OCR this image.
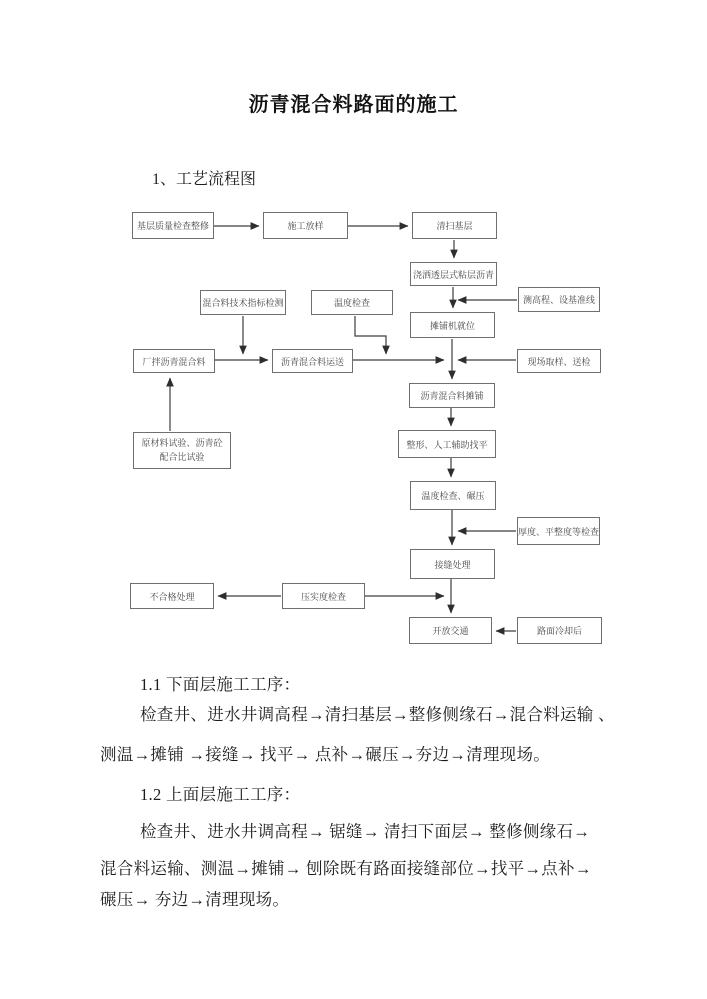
沥青混合料路面的施工
1、工艺流程图
基层质量检查整修	施工放样	清扫基层
浇洒透层式粘层沥青
混合料技术指标检测	温度检查	测高程、设基准线
摊铺机就位
厂拌沥青混合料	沥青混合料运送	现场取样、送检
沥青混合料摊铺
原材料试验、沥青砼
配合比试验
整形、人工辅助找平
温度检查、碾压
厚度、平整度等检查
接缝处理
不合格处理	压实度检查
开放交通	路面冷却后
1.1 下面层施工工序：
检查井、进水井调高程→清扫基层→整修侧缘石→混合料运输 、
测温→摊铺 →接缝→ 找平→ 点补→碾压→夯边→清理现场。
1.2 上面层施工工序：
检查井、进水井调高程→ 锯缝→ 清扫下面层→ 整修侧缘石→
混合料运输、测温→摊铺→ 刨除既有路面接缝部位→找平→点补→
碾压→ 夯边→清理现场。
